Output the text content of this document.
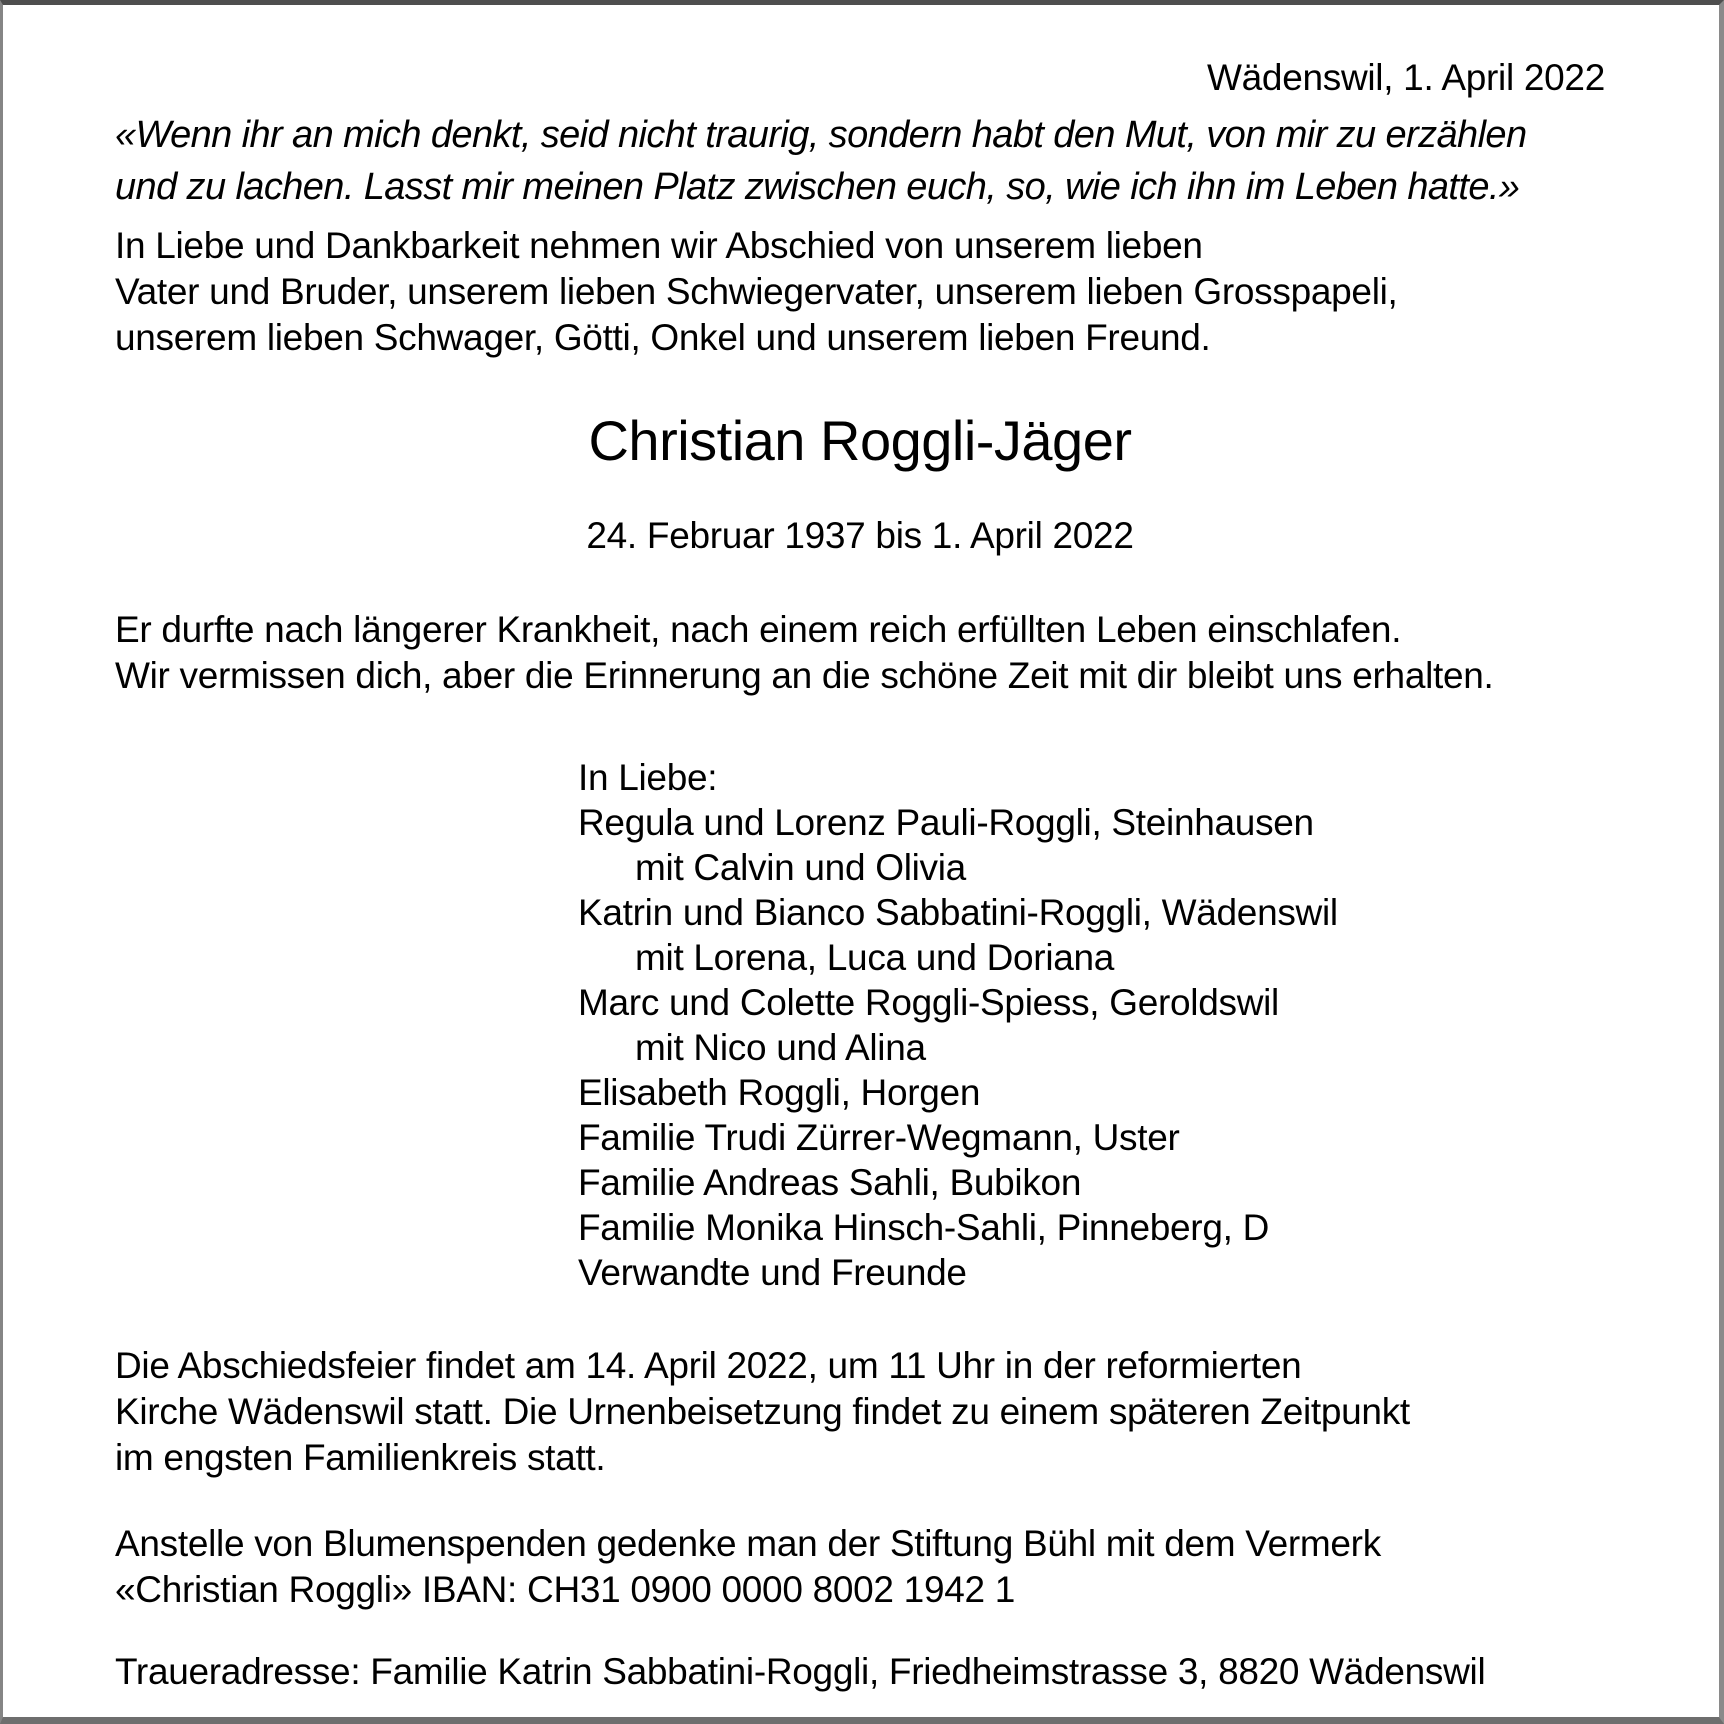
Wädenswil, 1. April 2022
«Wenn ihr an mich denkt, seid nicht traurig, sondern habt den Mut, von mir zu erzählen
und zu lachen. Lasst mir meinen Platz zwischen euch, so, wie ich ihn im Leben hatte.»
In Liebe und Dankbarkeit nehmen wir Abschied von unserem lieben
Vater und Bruder, unserem lieben Schwiegervater, unserem lieben Grosspapeli,
unserem lieben Schwager, Götti, Onkel und unserem lieben Freund.
Christian Roggli-Jäger
24. Februar 1937 bis 1. April 2022
Er durfte nach längerer Krankheit, nach einem reich erfüllten Leben einschlafen.
Wir vermissen dich, aber die Erinnerung an die schöne Zeit mit dir bleibt uns erhalten.
In Liebe:
Regula und Lorenz Pauli-Roggli, Steinhausen
mit Calvin und Olivia
Katrin und Bianco Sabbatini-Roggli, Wädenswil
mit Lorena, Luca und Doriana
Marc und Colette Roggli-Spiess, Geroldswil
mit Nico und Alina
Elisabeth Roggli, Horgen
Familie Trudi Zürrer-Wegmann, Uster
Familie Andreas Sahli, Bubikon
Familie Monika Hinsch-Sahli, Pinneberg, D
Verwandte und Freunde
Die Abschiedsfeier findet am 14. April 2022, um 11 Uhr in der reformierten
Kirche Wädenswil statt. Die Urnenbeisetzung findet zu einem späteren Zeitpunkt
im engsten Familienkreis statt.
Anstelle von Blumenspenden gedenke man der Stiftung Bühl mit dem Vermerk
«Christian Roggli» IBAN: CH31 0900 0000 8002 1942 1
Traueradresse: Familie Katrin Sabbatini-Roggli, Friedheimstrasse 3, 8820 Wädenswil
